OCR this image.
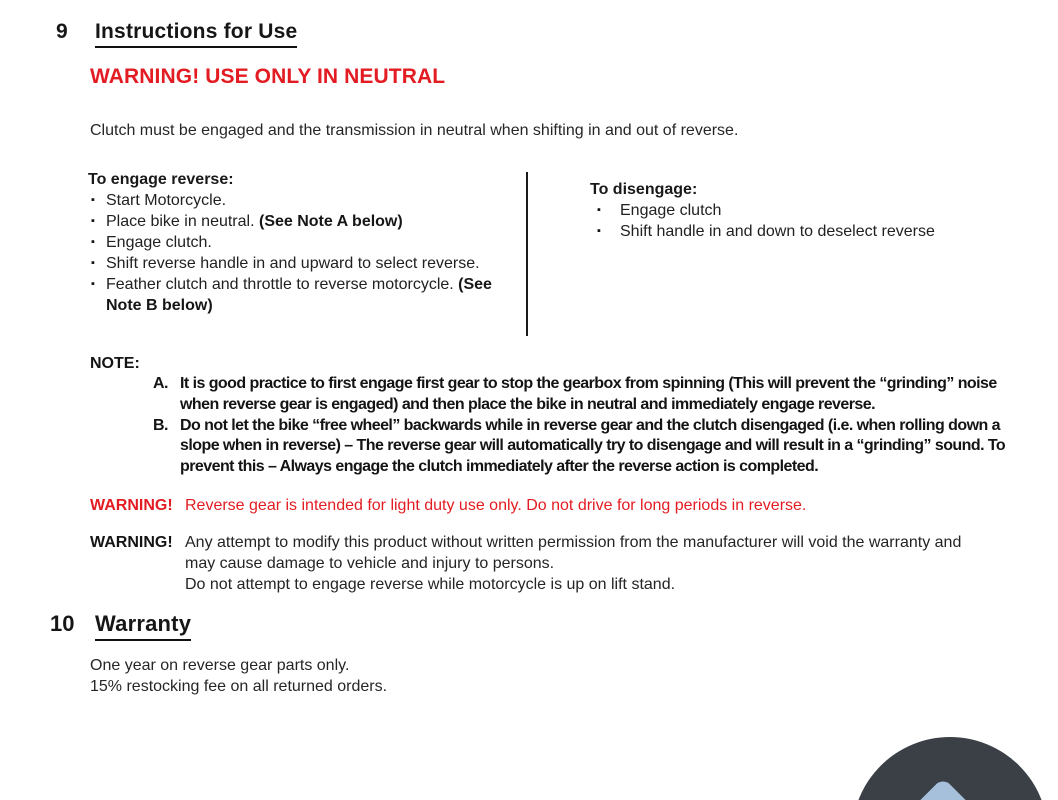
9	Instructions for Use
WARNING! USE ONLY IN NEUTRAL
Clutch must be engaged and the transmission in neutral when shifting in and out of reverse.
To engage reverse:
▪ Start Motorcycle.
▪ Place bike in neutral. (See Note A below)
▪ Engage clutch.
▪ Shift reverse handle in and upward to select reverse.
▪ Feather clutch and throttle to reverse motorcycle. (See Note B below)
To disengage:
▪	Engage clutch
▪	Shift handle in and down to deselect reverse
NOTE:
A. It is good practice to first engage first gear to stop the gearbox from spinning (This will prevent the “grinding” noise when reverse gear is engaged) and then place the bike in neutral and immediately engage reverse.
B. Do not let the bike “free wheel” backwards while in reverse gear and the clutch disengaged (i.e. when rolling down a slope when in reverse) – The reverse gear will automatically try to disengage and will result in a “grinding” sound. To prevent this – Always engage the clutch immediately after the reverse action is completed.
WARNING! Reverse gear is intended for light duty use only. Do not drive for long periods in reverse.
WARNING! Any attempt to modify this product without written permission from the manufacturer will void the warranty and may cause damage to vehicle and injury to persons.
Do not attempt to engage reverse while motorcycle is up on lift stand.
10 Warranty
One year on reverse gear parts only.
15% restocking fee on all returned orders.
